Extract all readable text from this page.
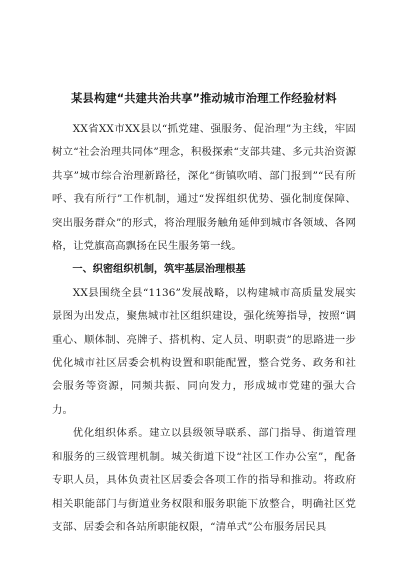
某县构建“共建共治共享”推动城市治理工作经验材料

XX省XX市XX县以“抓党建、强服务、促治理”为主线，牢固树立“社会治理共同体”理念，积极探索“支部共建、多元共治资源共享”城市综合治理新路径，深化“街镇吹哨、部门报到”“民有所呼、我有所行”工作机制，通过“发挥组织优势、强化制度保障、突出服务群众”的形式，将治理服务触角延伸到城市各领域、各网格，让党旗高高飘扬在民生服务第一线。

一、织密组织机制，筑牢基层治理根基

XX县围绕全县“1136”发展战略，以构建城市高质量发展实景图为出发点，聚焦城市社区组织建设，强化统筹指导，按照“调重心、顺体制、亮牌子、搭机构、定人员、明职责”的思路进一步优化城市社区居委会机构设置和职能配置，整合党务、政务和社会服务等资源，同频共振、同向发力，形成城市党建的强大合力。

优化组织体系。建立以县级领导联系、部门指导、街道管理和服务的三级管理机制。城关街道下设“社区工作办公室”，配备专职人员，具体负责社区居委会各项工作的指导和推动。将政府相关职能部门与街道业务权限和服务职能下放整合，明确社区党支部、居委会和各站所职能权限，“清单式”公布服务居民具
